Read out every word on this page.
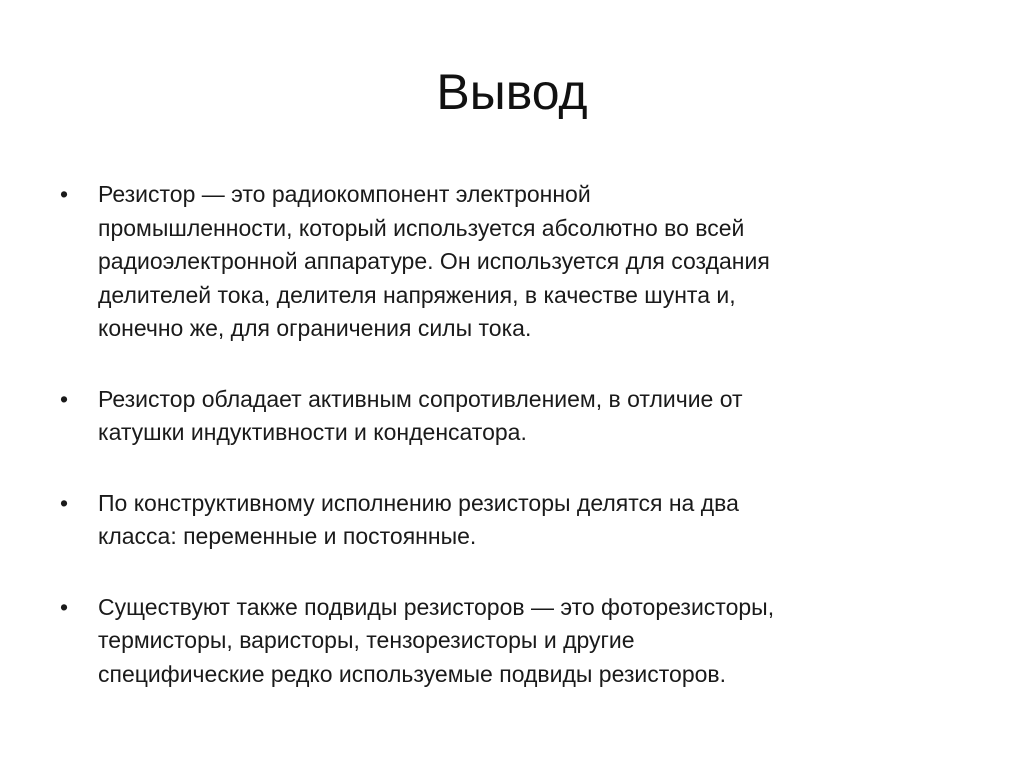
Вывод
•	Резистор — это радиокомпонент электронной
промышленности, который используется абсолютно во всей
радиоэлектронной аппаратуре. Он используется для создания
делителей тока, делителя напряжения, в качестве шунта и,
конечно же, для ограничения силы тока.
•	Резистор обладает активным сопротивлением, в отличие от
катушки индуктивности и конденсатора.
•	По конструктивному исполнению резисторы делятся на два
класса: переменные и постоянные.
•	Существуют также подвиды резисторов — это фоторезисторы,
термисторы, варисторы, тензорезисторы и другие
специфические редко используемые подвиды резисторов.
